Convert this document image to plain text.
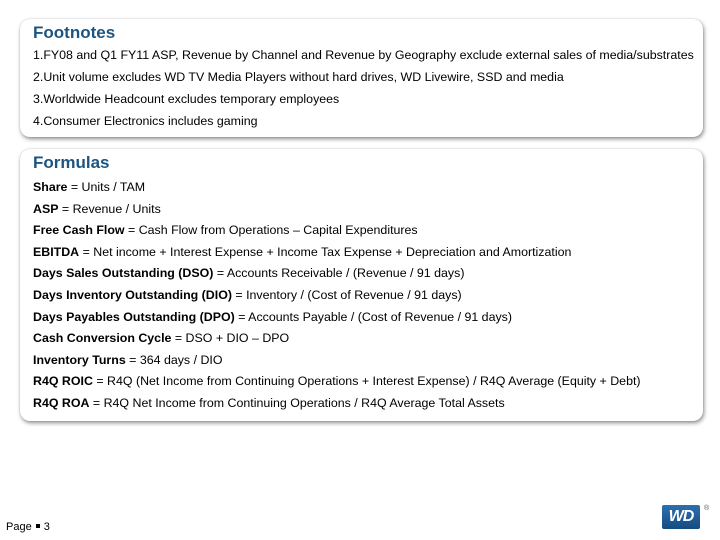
Footnotes
1.FY08 and Q1 FY11 ASP, Revenue by Channel and Revenue by Geography exclude external sales of media/substrates
2.Unit volume excludes WD TV Media Players without hard drives, WD Livewire, SSD and media
3.Worldwide Headcount excludes temporary employees
4.Consumer Electronics includes gaming
Formulas
Share = Units / TAM
ASP = Revenue / Units
Free Cash Flow = Cash Flow from Operations – Capital Expenditures
EBITDA = Net income + Interest Expense + Income Tax Expense + Depreciation and Amortization
Days Sales Outstanding (DSO) = Accounts Receivable / (Revenue / 91 days)
Days Inventory Outstanding (DIO) = Inventory / (Cost of Revenue / 91 days)
Days Payables Outstanding (DPO) = Accounts Payable / (Cost of Revenue / 91 days)
Cash Conversion Cycle = DSO + DIO – DPO
Inventory Turns = 364 days / DIO
R4Q ROIC = R4Q (Net Income from Continuing Operations + Interest Expense) / R4Q Average (Equity + Debt)
R4Q ROA = R4Q Net Income from Continuing Operations / R4Q Average Total Assets
Page 3
WD ®
